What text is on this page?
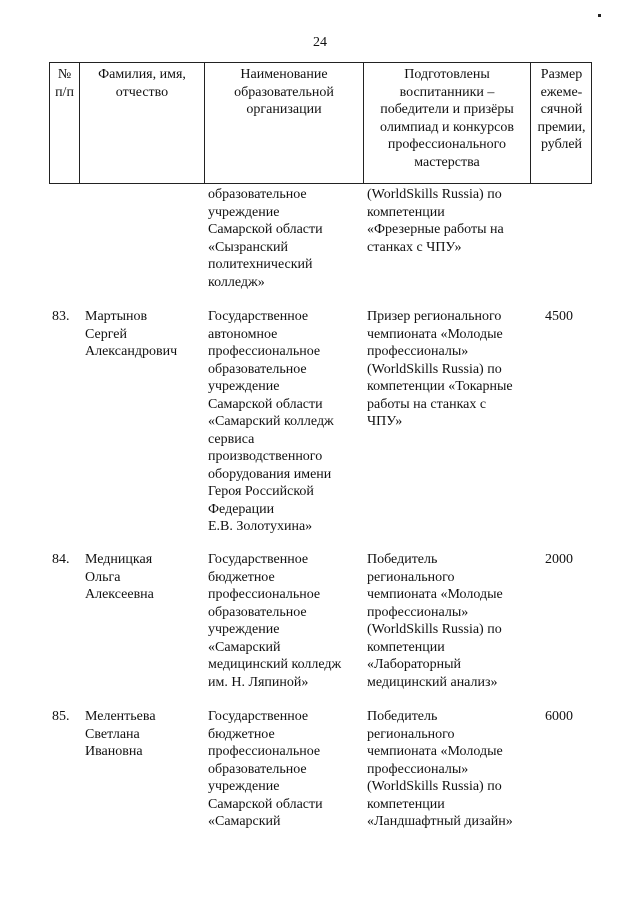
24
№
п/п
Фамилия, имя,
отчество
Наименование
образовательной
организации
Подготовлены
воспитанники –
победители и призёры
олимпиад и конкурсов
профессионального
мастерства
Размер
ежеме-
сячной
премии,
рублей
образовательное
учреждение
Самарской области
«Сызранский
политехнический
колледж»
(WorldSkills Russia) по
компетенции
«Фрезерные работы на
станках с ЧПУ»
83. Мартынов
Сергей
Александрович
Государственное
автономное
профессиональное
образовательное
учреждение
Самарской области
«Самарский колледж
сервиса
производственного
оборудования имени
Героя Российской
Федерации
Е.В. Золотухина»
Призер регионального
чемпионата «Молодые
профессионалы»
(WorldSkills Russia) по
компетенции «Токарные
работы на станках с
ЧПУ»
4500
84. Медницкая
Ольга
Алексеевна
Государственное
бюджетное
профессиональное
образовательное
учреждение
«Самарский
медицинский колледж
им. Н. Ляпиной»
Победитель
регионального
чемпионата «Молодые
профессионалы»
(WorldSkills Russia) по
компетенции
«Лабораторный
медицинский анализ»
2000
85. Мелентьева
Светлана
Ивановна
Государственное
бюджетное
профессиональное
образовательное
учреждение
Самарской области
«Самарский
Победитель
регионального
чемпионата «Молодые
профессионалы»
(WorldSkills Russia) по
компетенции
«Ландшафтный дизайн»
6000
